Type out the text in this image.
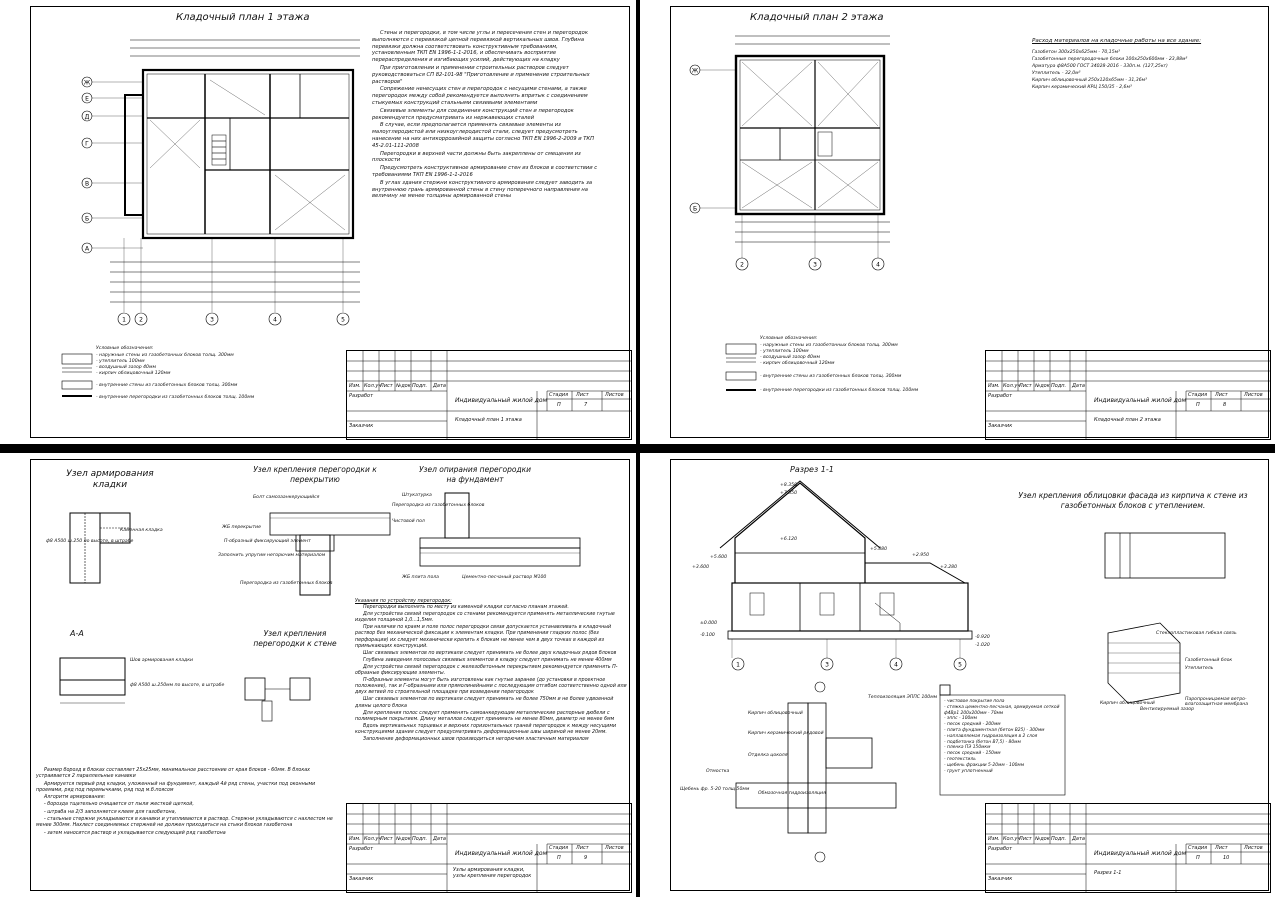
Кладочный план 1 этажа
Ж
Е
Д
Г
В
Б
А
1 2	3	4	5

Стены и перегородки, в том числе углы и пересечения стен и перегородок выполняются с перевязкой цепной перевязкой вертикальных швов. Глубина перевязки должна соответствовать конструктивным требованиям, установленным ТКП EN 1996-1-1-2016, и обеспечивать восприятие перераспределения и изгибающих усилий, действующих на кладку

При приготовлении и применении строительных растворов следует руководствоваться СП 82-101-98 "Приготовление и применение строительных растворов"

Сопряжение ненесущих стен и перегородок с несущими стенами, а также перегородок между собой рекомендуется выполнять впритык с соединением стыкуемых конструкций стальными связевыми элементами

Связевые элементы для соединения конструкций стен и перегородок рекомендуется предусматривать из нержавеющих сталей

В случае, если предполагается применять связевые элементы из малоуглеродистой или низкоуглеродистой стали, следует предусмотреть нанесение на них антикоррозийной защиты согласно ТКП EN 1996-2-2009 и ТКП 45-2.01-111-2008

Перегородки в верхней части должны быть закреплены от смещения из плоскости

Предусмотреть конструктивное армирование стен из блоков в соответствии с требованиями ТКП EN 1996-1-1-2016

В углах здания стержни конструктивного армирования следует заводить за внутреннюю грань армированной стены в стену поперечного направления на величину не менее толщины армированной стены

Условные обозначения:
- наружные стены из газобетонных блоков толщ. 300мм
- утеплитель 100мм
- воздушный зазор 40мм
- кирпич облицовочный 120мм
- внутренние стены из газобетонных блоков толщ. 300мм
- внутренние перегородки из газобетонных блоков толщ. 100мм
Изм. Кол.уч
Лист №док Подп. Дата
Разработ
Заказчик
Индивидуальный жилой дом
Кладочный план 1 этажа
Стадия Лист	Листов
П	7
Кладочный план 2 этажа
Ж
Б
2	3	4
Расход материалов на кладочные работы на все здание:
Газобетон 300х250х625мм - 70,15м³
Газобетонные перегородочные блоки 100х250х600мм - 23,88м³
Арматура ф8А500 ГОСТ 34028-2016 - 330п.м. (127,25кг)
Утеплитель - 32,0м³
Кирпич облицовочный 250х120х65мм - 31,36м³
Кирпич керамический КРЦ 150/35 - 2,6м³
Условные обозначения:
- наружные стены из газобетонных блоков толщ. 300мм
- утеплитель 100мм
- воздушный зазор 40мм
- кирпич облицовочный 120мм
- внутренние стены из газобетонных блоков толщ. 300мм
- внутренние перегородки из газобетонных блоков толщ. 100мм
Изм. Кол.уч
Лист №док Подп. Дата
Разработ
Заказчик
Индивидуальный жилой дом
Кладочный план 2 этажа
Стадия Лист	Листов
П	8
Узел армирования кладки
Узел крепления перегородки к перекрытию
Узел опирания перегородки на фундамент
Узел крепления перегородки к стене
А-А
Каменная кладка
ф8 А500 ш.250 по высоте, в штрабе
Болт самозаанкерующийся
ЖБ перекрытие
П-образный фиксирующий элемент
Заполнить упругим негорючим материалом
Перегородка из газобетонных блоков
Штукатурка
Перегородка из газобетонных блоков
Чистовой пол
ЖБ плита пола	Цементно-песчаный раствор М100
Шов армирования кладки
ф8 А500 ш.250мм по высоте, в штрабе
Указания по устройству перегородок:

Перегородки выполнять по месту из каменной кладки согласно планам этажей.

Для устройства связей перегородок со стенами рекомендуется применять металлические гнутые изделия толщиной 1,0...1,5мм.

При наличии по краям и поле полос перегородки связи допускается устанавливать в кладочный раствор без механической фиксации к элементам кладки. При применении гладких полос (без перфорации) их следует механически крепить к блокам не менее чем в двух точках в каждой из примыкающих конструкций.

Шаг связевых элементов по вертикали следует принимать не более двух кладочных рядов блоков

Глубина заведения полосовых связевых элементов в кладку следует принимать не менее 400мм

Для устройства связей перегородок с железобетонным перекрытием рекомендуется применять П-образные фиксирующие элементы.

П-образные элементы могут быть изготовлены как гнутые заранее (до установки в проектное положение), так и Г-образными или прямолинейными с последующим отгибом соответственно одной или двух ветвей по строительной площадке при возведении перегородок

Шаг связевых элементов по вертикали следует принимать не более 750мм и не более удвоенной длины целого блока

Для крепления полос следует применять самоанкерующие металлические распорные дюбели с полимерным покрытием. Длину металлов следует принимать не менее 80мм, диаметр не менее 6мм

Вдоль вертикальных торцевых и верхних горизонтальных граней перегородок к между несущими конструкциями здания следует предусматривать деформационные швы шириной не менее 20мм.

Заполнение деформационных швов производиться негорючим эластичным материалом

Размер борозд в блоках составляет 25х25мм, минимальное расстояние от края блоков - 60мм. В блоках устраивается 2 параллельные канавки

Армируется первый ряд кладки, уложенный на фундамент, каждый 4й ряд стены, участки под оконными проемами, ряд под перемычками, ряд под м.б.поясом

Алгоритм армирования:

- борозда тщательно очищается от пыли жесткой щеткой,

- штраба на 2/3 заполняется клеем для газобетона,

- стальные стержни укладываются в канавки и утапливаются в раствор. Стержни укладываются с нахлестом не менее 300мм. Нахлест соединяемых стержней не должен приходиться на стыки блоков газобетона

- затем наносится раствор и укладывается следующий ряд газобетона

Изм. Кол.уч
Лист №док Подп. Дата
Разработ
Заказчик
Индивидуальный жилой дом
Узлы армирования кладки, узлы крепления перегородок
Стадия Лист	Листов
П	9
Разрез 1-1
Узел крепления облицовки фасада из кирпича к стене из газобетонных блоков с утеплением.
1	3	4	5
+8.350
+7.850
+6.120
+5.880
+5.600
+3.600
+2.950
+3.280
±0.000
-0.100	-0.920
-1.020
Стеклопластиковая гибкая связь
Газобетонный блок
Утеплитель
Кирпич облицовочный
Вентилируемый зазор
Паропроницаемая ветро-влагозащитная мембрана
Кирпич облицовочный
Кирпич керамический рядовой
Отделка цоколя
Отмостка
Теплоизоляция ЭППС 100мм
Щебень фр. 5-20 толщ.50мм
Обмазочная гидроизоляция
- чистовое покрытие пола
- стяжка цементно-песчаная, армируемая сеткой ф4Вр1 200х200мм - 70мм
- эппс - 100мм
- песок средний - 200мм
- плита фундаментная (бетон В25) - 300мм
- наплавляемая гидроизоляция в 2 слоя
- подбетонка (бетон В7,5) - 80мм
- пленка ПЭ 150мкм
- песок средний - 150мм
- геотекстиль
- щебень фракции 5-20мм - 100мм
- грунт уплотненный
Изм. Кол.уч
Лист №док Подп. Дата
Разработ
Заказчик
Индивидуальный жилой дом
Разрез 1-1
Стадия Лист	Листов
П	10
